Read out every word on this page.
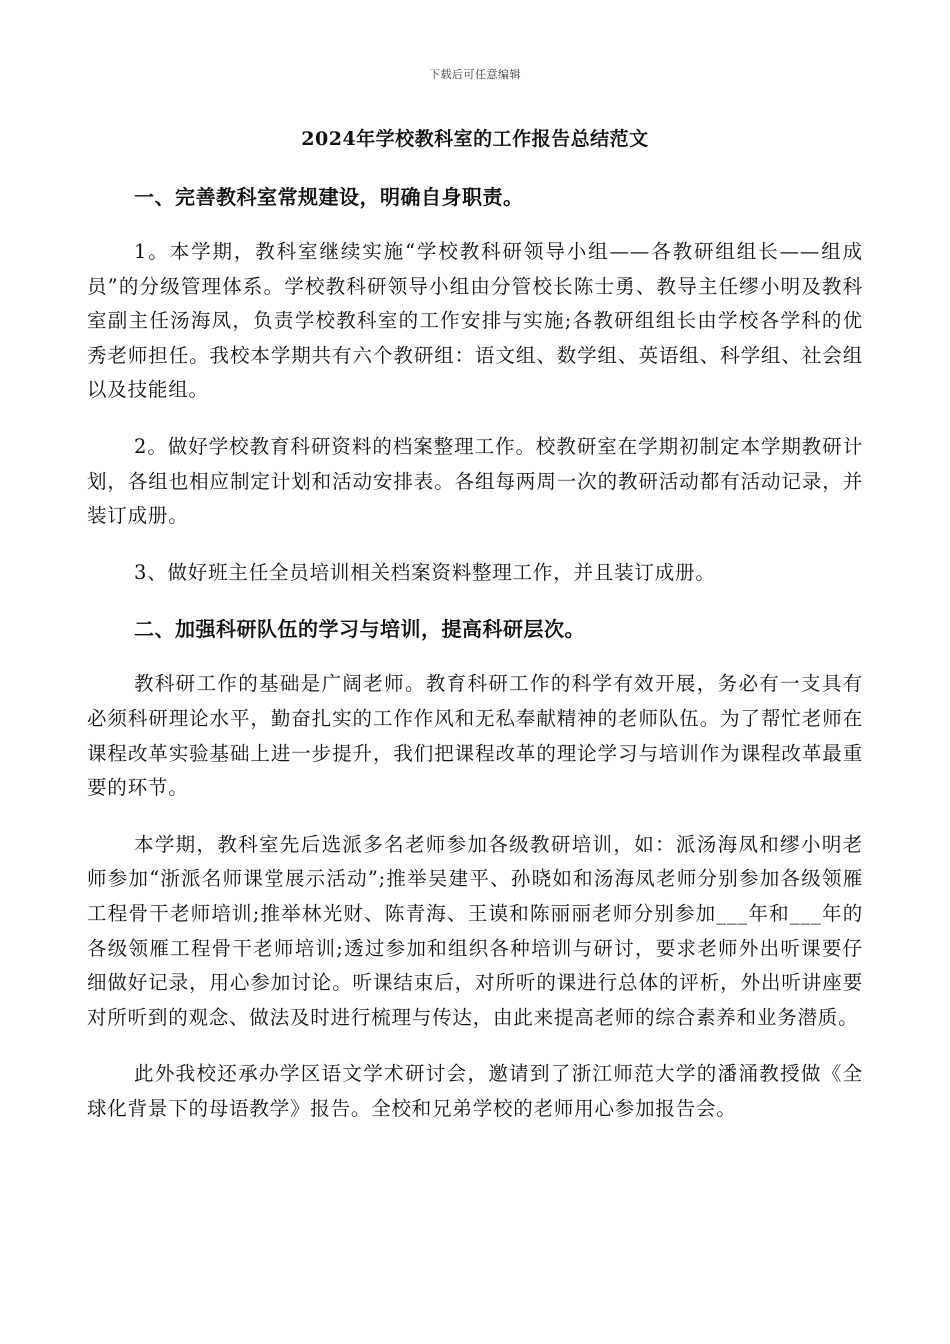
下载后可任意编辑
2024年学校教科室的工作报告总结范文
一、完善教科室常规建设，明确自身职责。

1。本学期，教科室继续实施“学校教科研领导小组——各教研组组长——组成员”的分级管理体系。学校教科研领导小组由分管校长陈士勇、教导主任缪小明及教科室副主任汤海凤，负责学校教科室的工作安排与实施;各教研组组长由学校各学科的优秀老师担任。我校本学期共有六个教研组：语文组、数学组、英语组、科学组、社会组以及技能组。

2。做好学校教育科研资料的档案整理工作。校教研室在学期初制定本学期教研计划，各组也相应制定计划和活动安排表。各组每两周一次的教研活动都有活动记录，并装订成册。

3、做好班主任全员培训相关档案资料整理工作，并且装订成册。

二、加强科研队伍的学习与培训，提高科研层次。

教科研工作的基础是广阔老师。教育科研工作的科学有效开展，务必有一支具有必须科研理论水平，勤奋扎实的工作作风和无私奉献精神的老师队伍。为了帮忙老师在课程改革实验基础上进一步提升，我们把课程改革的理论学习与培训作为课程改革最重要的环节。

本学期，教科室先后选派多名老师参加各级教研培训，如：派汤海凤和缪小明老师参加“浙派名师课堂展示活动”;推举吴建平、孙晓如和汤海凤老师分别参加各级领雁工程骨干老师培训;推举林光财、陈青海、王谟和陈丽丽老师分别参加___年和___年的各级领雁工程骨干老师培训;透过参加和组织各种培训与研讨，要求老师外出听课要仔细做好记录，用心参加讨论。听课结束后，对所听的课进行总体的评析，外出听讲座要对所听到的观念、做法及时进行梳理与传达，由此来提高老师的综合素养和业务潜质。

此外我校还承办学区语文学术研讨会，邀请到了浙江师范大学的潘涌教授做《全球化背景下的母语教学》报告。全校和兄弟学校的老师用心参加报告会。
